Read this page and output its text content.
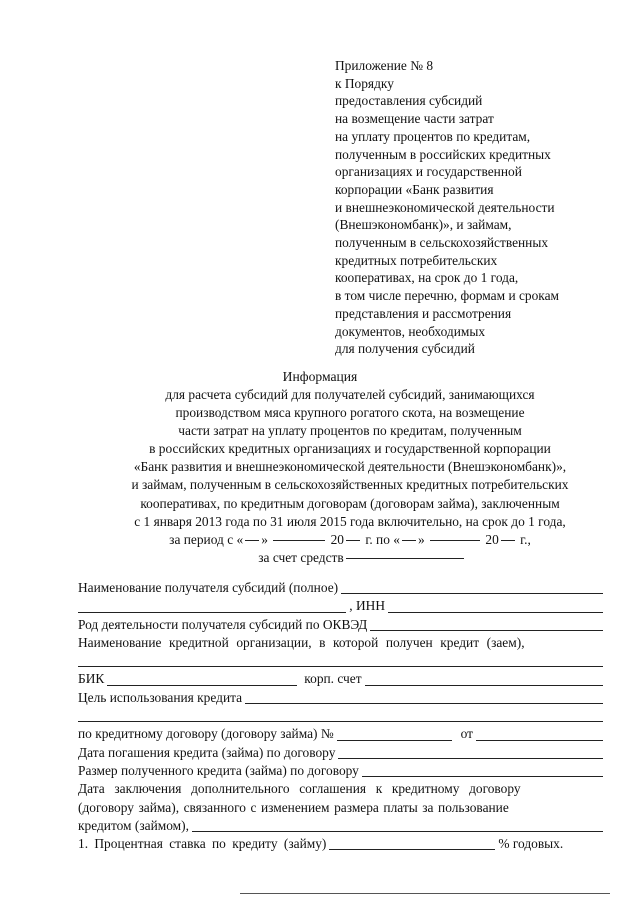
Приложение № 8
к Порядку
предоставления субсидий
на возмещение части затрат
на уплату процентов по кредитам,
полученным в российских кредитных
организациях и государственной
корпорации «Банк развития
и внешнеэкономической деятельности
(Внешэкономбанк)», и займам,
полученным в сельскохозяйственных
кредитных потребительских
кооперативах, на срок до 1 года,
в том числе перечню, формам и срокам
представления и рассмотрения
документов, необходимых
для получения субсидий
Информация
для расчета субсидий для получателей субсидий, занимающихся
производством мяса крупного рогатого скота, на возмещение
части затрат на уплату процентов по кредитам, полученным
в российских кредитных организациях и государственной корпорации
«Банк развития и внешнеэкономической деятельности (Внешэкономбанк)»,
и займам, полученным в сельскохозяйственных кредитных потребительских
кооперативах, по кредитным договорам (договорам займа), заключенным
с 1 января 2013 года по 31 июля 2015 года включительно, на срок до 1 года,
за период с « »	20 г. по « »	20 г.,
за счет средств
Наименование получателя субсидий (полное)
, ИНН
Род деятельности получателя субсидий по ОКВЭД
Наименование кредитной организации, в которой получен кредит (заем),
БИК	корп. счет
Цель использования кредита
по кредитному договору (договору займа) №	от
Дата погашения кредита (займа) по договору
Размер полученного кредита (займа) по договору
Дата заключения дополнительного соглашения к кредитному договору
(договору займа), связанного с изменением размера платы за пользование
кредитом (займом),
1. Процентная ставка по кредиту (займу)	% годовых.
